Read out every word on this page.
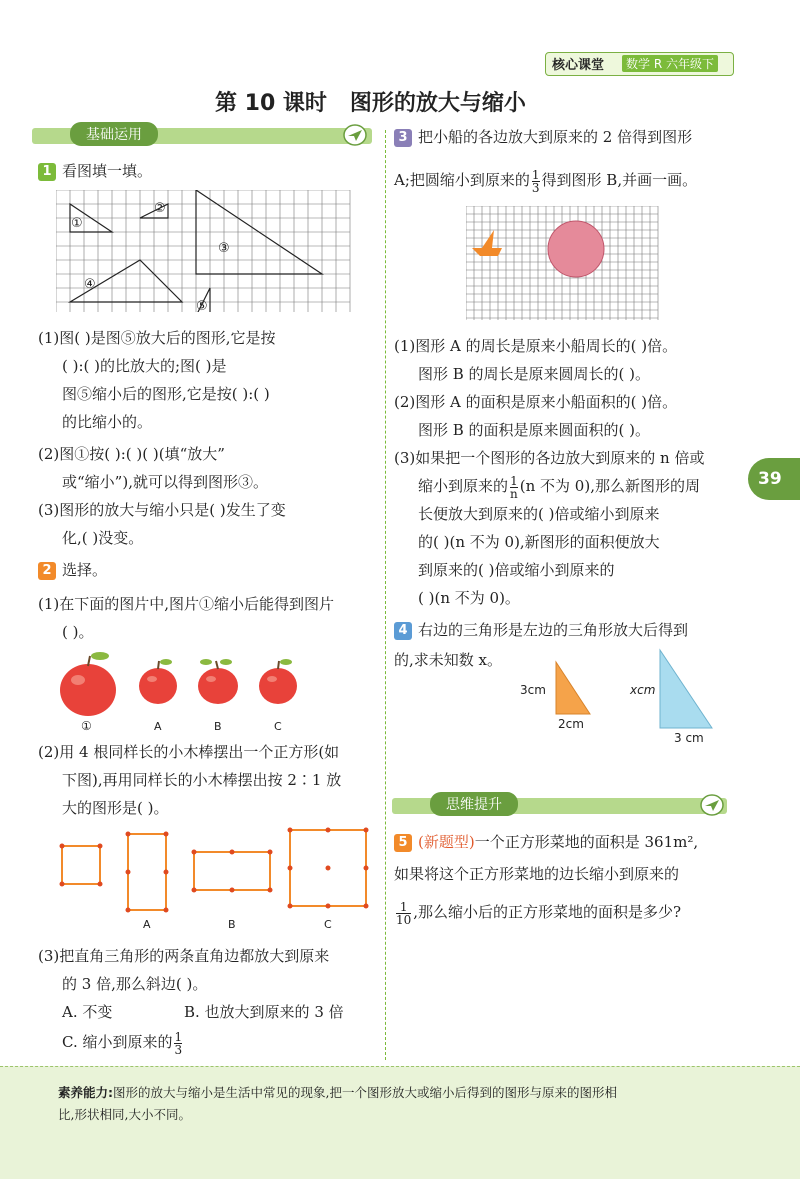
核心课堂	数学 R 六年级下
第 10 课时   图形的放大与缩小
基础运用
1 看图填一填。
①
②
③
④
⑤
(1)图( )是图⑤放大后的图形,它是按
( ):( )的比放大的;图( )是
图⑤缩小后的图形,它是按( ):( )
的比缩小的。
(2)图①按( ):( )( )(填“放大”
或“缩小”),就可以得到图形③。
(3)图形的放大与缩小只是( )发生了变
化,( )没变。
2 选择。
(1)在下面的图片中,图片①缩小后能得到图片
( )。
①	A	B	C
(2)用 4 根同样长的小木棒摆出一个正方形(如
下图),再用同样长的小木棒摆出按 2∶1 放
大的图形是( )。
A	B	C
(3)把直角三角形的两条直角边都放大到原来
的 3 倍,那么斜边( )。
A. 不变	B. 也放大到原来的 3 倍
C. 缩小到原来的 $\frac{1}{3}$
3 把小船的各边放大到原来的 2 倍得到图形
A;把圆缩小到原来的 $\frac{1}{3}$ 得到图形 B,并画一画。
(1)图形 A 的周长是原来小船周长的( )倍。
图形 B 的周长是原来圆周长的( )。
(2)图形 A 的面积是原来小船面积的( )倍。
图形 B 的面积是原来圆面积的( )。
(3)如果把一个图形的各边放大到原来的 n 倍或
缩小到原来的 $\frac{1}{n} (n$ 不为 0),那么新图形的周
长便放大到原来的( )倍或缩小到原来
的( )(n 不为 0),新图形的面积便放大
到原来的( )倍或缩小到原来的
( )(n 不为 0)。
4 右边的三角形是左边的三角形放大后得到
的,求未知数 x。
3cm
2cm
xcm
3 cm
思维提升
5 (新题型)一个正方形菜地的面积是 361m²,
如果将这个正方形菜地的边长缩小到原来的
$\frac{1}{10}$ ,那么缩小后的正方形菜地的面积是多少?
39
素养能力:图形的放大与缩小是生活中常见的现象,把一个图形放大或缩小后得到的图形与原来的图形相
比,形状相同,大小不同。
